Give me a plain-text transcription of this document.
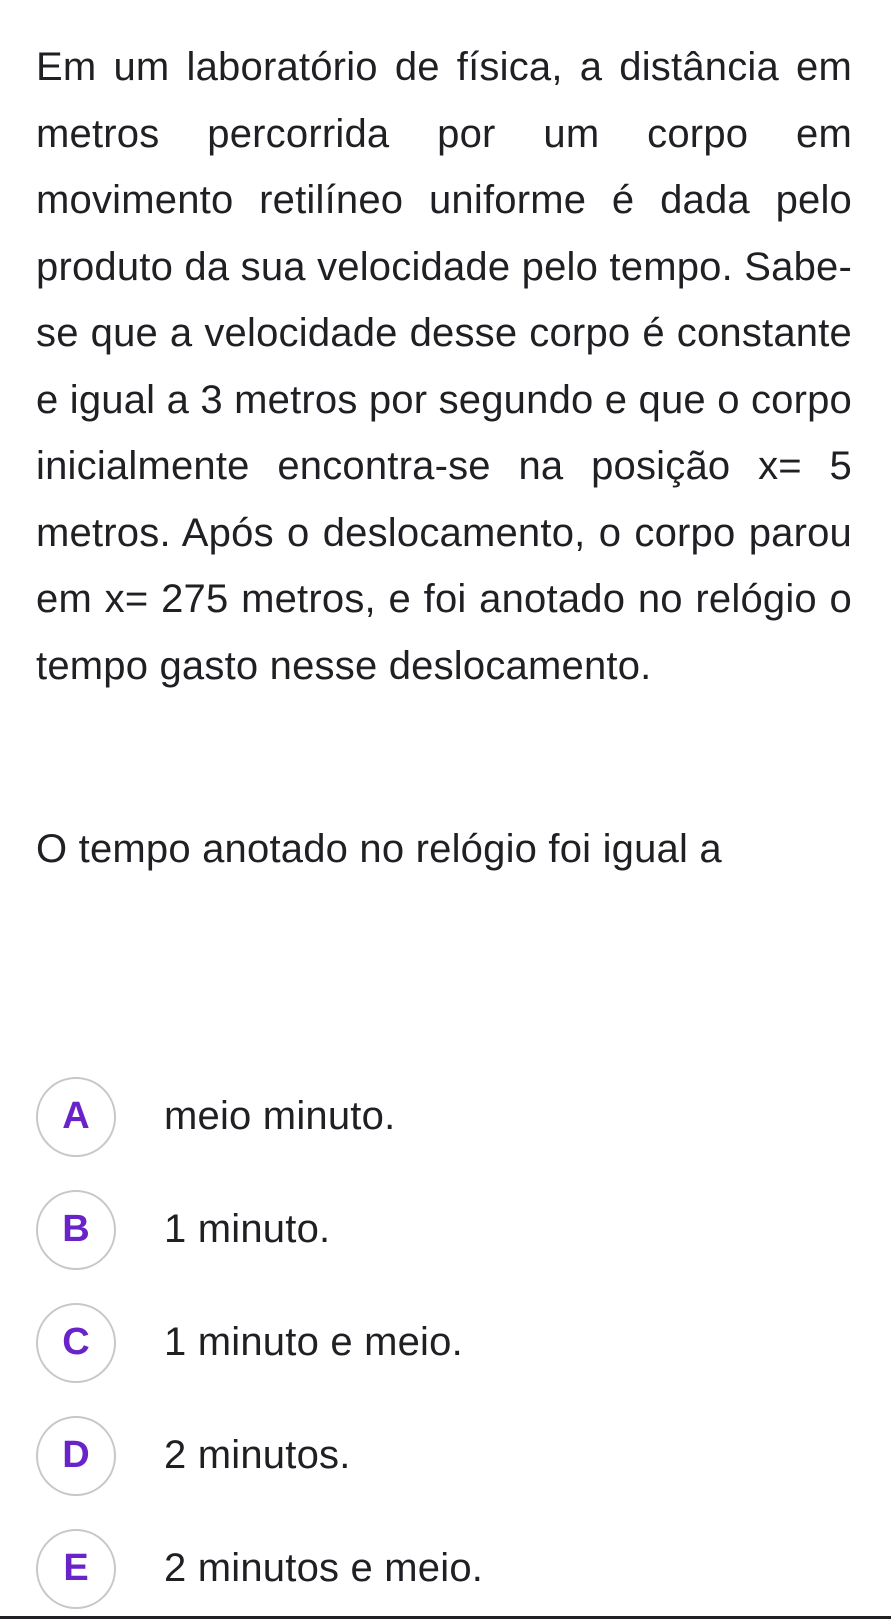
Em um laboratório de física, a distância em metros percorrida por um corpo em movimento retilíneo uniforme é dada pelo produto da sua velocidade pelo tempo. Sabe-se que a velocidade desse corpo é constante e igual a 3 metros por segundo e que o corpo inicialmente encontra-se na posição x= 5 metros. Após o deslocamento, o corpo parou em x= 275 metros, e foi anotado no relógio o tempo gasto nesse deslocamento.

O tempo anotado no relógio foi igual a

A	meio minuto.
B	1 minuto.
C	1 minuto e meio.
D	2 minutos.
E	2 minutos e meio.
